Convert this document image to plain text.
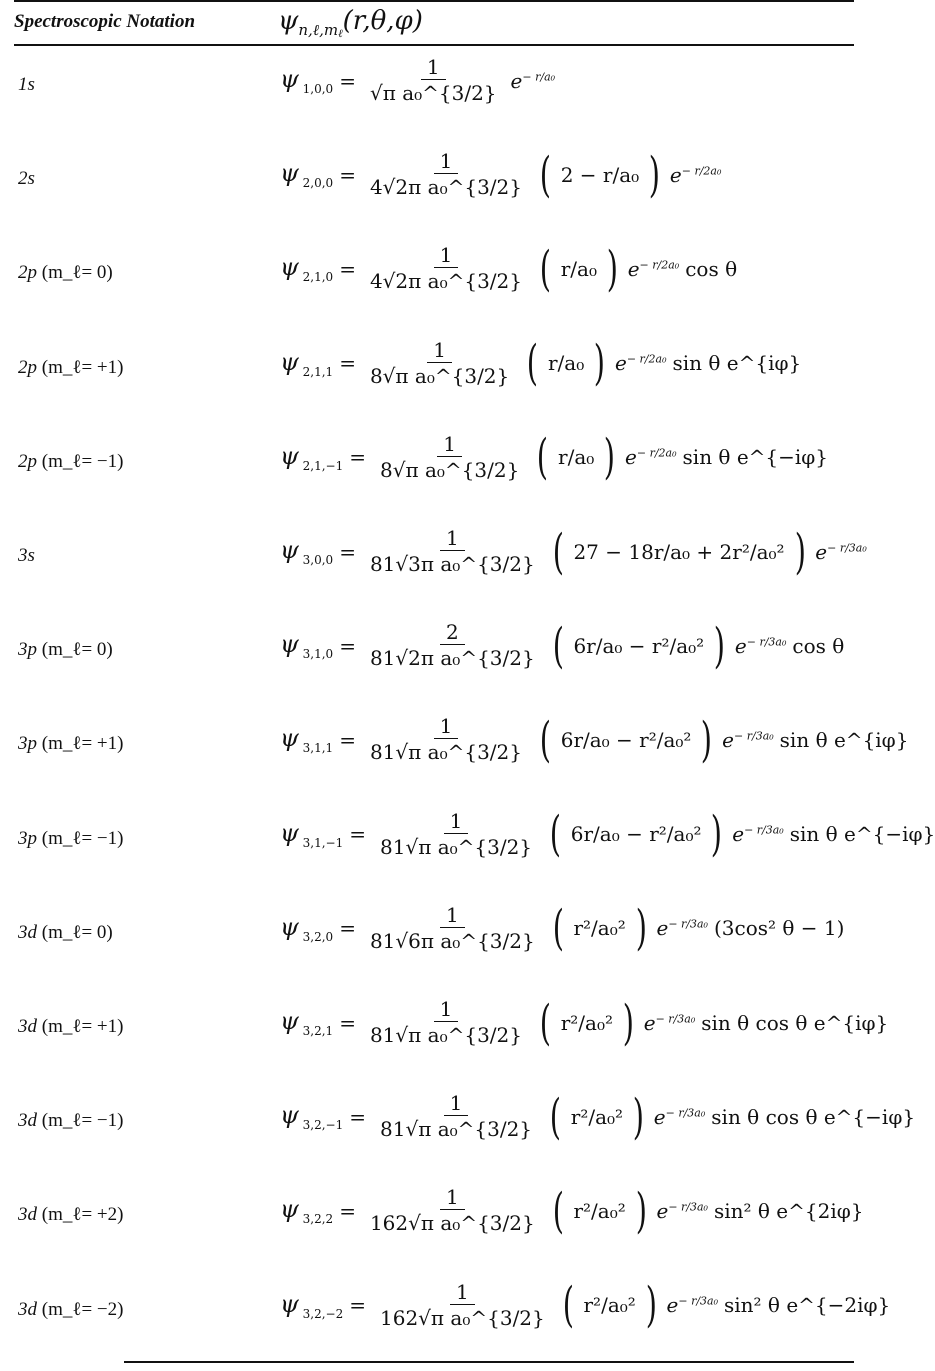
Spectroscopic Notation	$\psi_{n,\ell,m\ell}(r,\theta,\varphi)$
1s	ψ $_{1,0,0} = \frac{1}{\text{√π a₀\textasciicircum{}\{3/2\}}} e^{- r/a_0}$
2s	ψ $_{2,0,0} = \frac{1}{\text{4√2π a₀\textasciicircum{}\{3/2\}}}$ ( 2 − r/a₀ ) $e^{- r/2a_0}$
2p (m_ℓ= 0)	ψ $_{2,1,0} = \frac{1}{\text{4√2π a₀\textasciicircum{}\{3/2\}}}$ ( r/a₀ ) $e^{- r/2a_0}$ cos θ
2p (m_ℓ= +1)	ψ $_{2,1,1} = \frac{1}{\text{8√π a₀\textasciicircum{}\{3/2\}}}$ ( r/a₀ ) $e^{- r/2a_0}$ sin θ e^{iφ}
2p (m_ℓ= −1)	ψ $_{2,1,-1} = \frac{1}{\text{8√π a₀\textasciicircum{}\{3/2\}}}$ ( r/a₀ ) $e^{- r/2a_0}$ sin θ e^{−iφ}
3s	ψ $_{3,0,0} = \frac{1}{\text{81√3π a₀\textasciicircum{}\{3/2\}}}$ ( 27 − 18r/a₀ + 2r²/a₀² ) $e^{- r/3a_0}$
3p (m_ℓ= 0)	ψ $_{3,1,0} = \frac{2}{\text{81√2π a₀\textasciicircum{}\{3/2\}}}$ ( 6r/a₀ − r²/a₀² ) $e^{- r/3a_0}$ cos θ
3p (m_ℓ= +1)	ψ $_{3,1,1} = \frac{1}{\text{81√π a₀\textasciicircum{}\{3/2\}}}$ ( 6r/a₀ − r²/a₀² ) $e^{- r/3a_0}$ sin θ e^{iφ}
3p (m_ℓ= −1)	ψ $_{3,1,-1} = \frac{1}{\text{81√π a₀\textasciicircum{}\{3/2\}}}$ ( 6r/a₀ − r²/a₀² ) $e^{- r/3a_0}$ sin θ e^{−iφ}
3d (m_ℓ= 0)	ψ $_{3,2,0} = \frac{1}{\text{81√6π a₀\textasciicircum{}\{3/2\}}}$ ( r²/a₀² ) $e^{- r/3a_0}$ (3cos² θ − 1)
3d (m_ℓ= +1)	ψ $_{3,2,1} = \frac{1}{\text{81√π a₀\textasciicircum{}\{3/2\}}}$ ( r²/a₀² ) $e^{- r/3a_0}$ sin θ cos θ e^{iφ}
3d (m_ℓ= −1)	ψ $_{3,2,-1} = \frac{1}{\text{81√π a₀\textasciicircum{}\{3/2\}}}$ ( r²/a₀² ) $e^{- r/3a_0}$ sin θ cos θ e^{−iφ}
3d (m_ℓ= +2)	ψ $_{3,2,2} = \frac{1}{\text{162√π a₀\textasciicircum{}\{3/2\}}}$ ( r²/a₀² ) $e^{- r/3a_0}$ sin² θ e^{2iφ}
3d (m_ℓ= −2)	ψ $_{3,2,-2} = \frac{1}{\text{162√π a₀\textasciicircum{}\{3/2\}}}$ ( r²/a₀² ) $e^{- r/3a_0}$ sin² θ e^{−2iφ}
